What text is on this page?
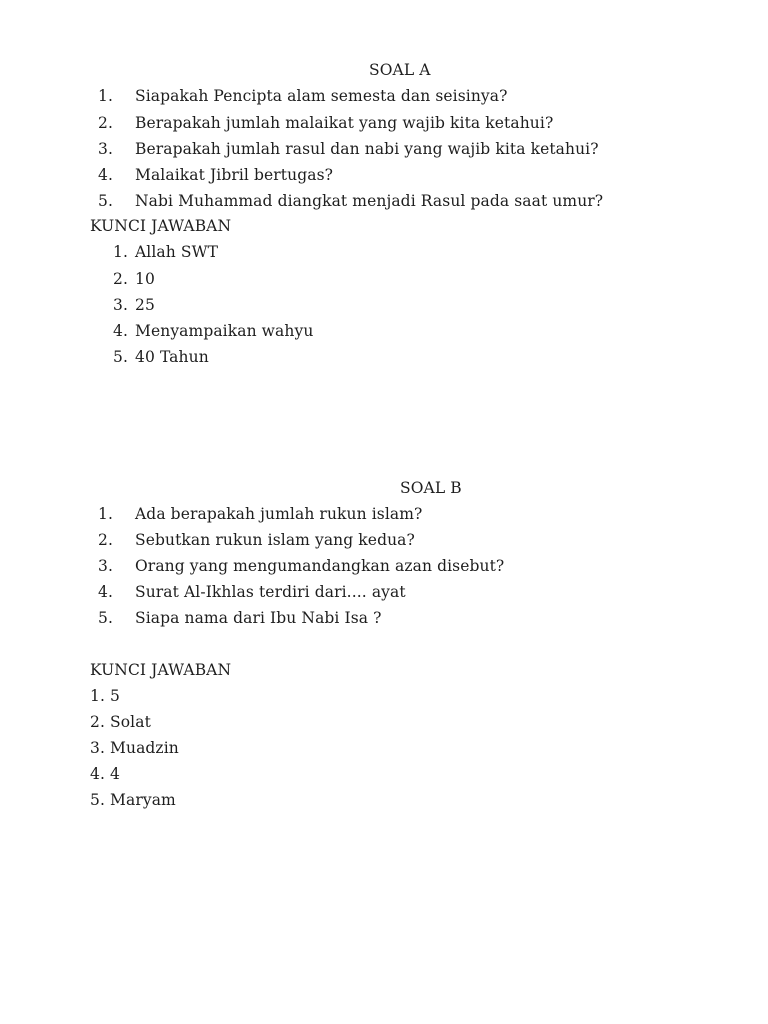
SOAL A
1. Siapakah Pencipta alam semesta dan seisinya?
2. Berapakah jumlah malaikat yang wajib kita ketahui?
3. Berapakah jumlah rasul dan nabi yang wajib kita ketahui?
4. Malaikat Jibril bertugas?
5. Nabi Muhammad diangkat menjadi Rasul pada saat umur?
KUNCI JAWABAN
1. Allah SWT
2. 10
3. 25
4. Menyampaikan wahyu
5. 40 Tahun
SOAL B
1. Ada berapakah jumlah rukun islam?
2. Sebutkan rukun islam yang kedua?
3. Orang yang mengumandangkan azan disebut?
4. Surat Al-Ikhlas terdiri dari.... ayat
5. Siapa nama dari Ibu Nabi Isa ?
KUNCI JAWABAN
1. 5
2. Solat
3. Muadzin
4. 4
5. Maryam
